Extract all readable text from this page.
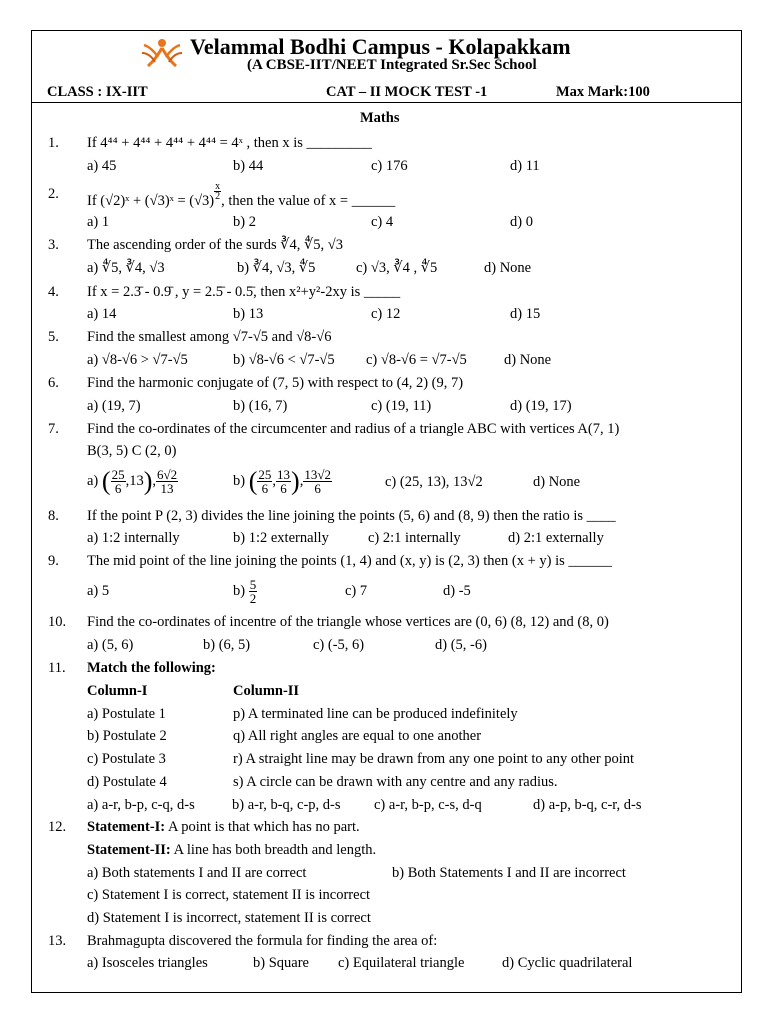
Velammal Bodhi Campus - Kolapakkam
(A CBSE-IIT/NEET Integrated Sr.Sec School
CLASS : IX-IIT	CAT – II MOCK TEST -1	Max Mark:100
Maths
1. If 4⁴⁴ + 4⁴⁴ + 4⁴⁴ + 4⁴⁴ = 4ˣ , then x is _________
a) 45	b) 44	c) 176	d) 11
2. If (√2)ˣ + (√3)ˣ = $(√3) \frac{x}{2}$ , then the value of x = ______
a) 1	b) 2	c) 4	d) 0
3. The ascending order of the surds ∛4, ∜5, √3
a) ∜5, ∛4, √3	b) ∛4, √3, ∜5	c) √3, ∛4 , ∜5	d) None
4. If x = 2.3̄ - 0.9̄ , y = 2.5̄ - 0.5̄, then x²+y²-2xy is _____
a) 14	b) 13	c) 12	d) 15
5. Find the smallest among √7-√5 and √8-√6
a) √8-√6 > √7-√5	b) √8-√6 < √7-√5 c) √8-√6 = √7-√5	d) None
6. Find the harmonic conjugate of (7, 5) with respect to (4, 2) (9, 7)
a) (19, 7)	b) (16, 7)	c) (19, 11)	d) (19, 17)
7. Find the co-ordinates of the circumcenter and radius of a triangle ABC with vertices A(7, 1)
B(3, 5) C (2, 0)
a) ( $\frac{25}{6} ,13$), $\frac{6√2}{13}$	b) ( $\frac{25}{6}$ , $\frac{13}{6}$ ), $\frac{13√2}{6}$	c) (25, 13), 13√2	d) None
8. If the point P (2, 3) divides the line joining the points (5, 6) and (8, 9) then the ratio is ____
a) 1:2 internally	b) 1:2 externally	c) 2:1 internally	d) 2:1 externally
9. The mid point of the line joining the points (1, 4) and (x, y) is (2, 3) then (x + y) is ______
a) 5	$b) \frac{5}{2}$	c) 7	d) -5
10. Find the co-ordinates of incentre of the triangle whose vertices are (0, 6) (8, 12) and (8, 0)
a) (5, 6)	b) (6, 5)	c) (-5, 6)	d) (5, -6)
11. Match the following:
Column-I	Column-II
a) Postulate 1	p) A terminated line can be produced indefinitely
b) Postulate 2	q) All right angles are equal to one another
c) Postulate 3	r) A straight line may be drawn from any one point to any other point
d) Postulate 4	s) A circle can be drawn with any centre and any radius.
a) a-r, b-p, c-q, d-s	b) a-r, b-q, c-p, d-s c) a-r, b-p, c-s, d-q	d) a-p, b-q, c-r, d-s
12. Statement-I: A point is that which has no part.
Statement-II: A line has both breadth and length.
a) Both statements I and II are correct	b) Both Statements I and II are incorrect
c) Statement I is correct, statement II is incorrect
d) Statement I is incorrect, statement II is correct
13. Brahmagupta discovered the formula for finding the area of:
a) Isosceles triangles	b) Square c) Equilateral triangle	d) Cyclic quadrilateral
